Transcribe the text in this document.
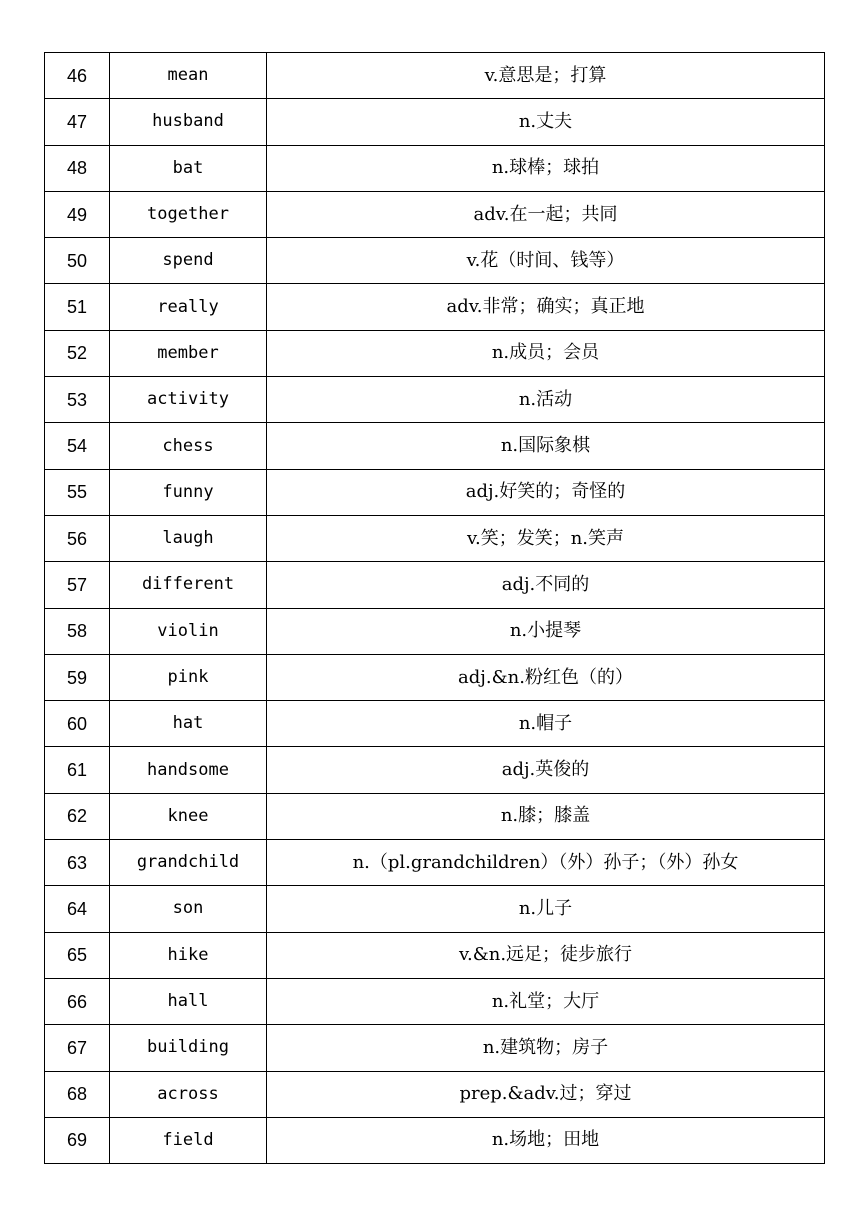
46	mean	v.意思是；打算
47	husband	n.丈夫
48	bat	n.球棒；球拍
49	together	adv.在一起；共同
50	spend	v.花（时间、钱等）
51	really	adv.非常；确实；真正地
52	member	n.成员；会员
53	activity	n.活动
54	chess	n.国际象棋
55	funny	adj.好笑的；奇怪的
56	laugh	v.笑；发笑；n.笑声
57	different	adj.不同的
58	violin	n.小提琴
59	pink	adj.&n.粉红色（的）
60	hat	n.帽子
61	handsome	adj.英俊的
62	knee	n.膝；膝盖
63	grandchild	n.（pl.grandchildren）（外）孙子；（外）孙女
64	son	n.儿子
65	hike	v.&n.远足；徒步旅行
66	hall	n.礼堂；大厅
67	building	n.建筑物；房子
68	across	prep.&adv.过；穿过
69	field	n.场地；田地
